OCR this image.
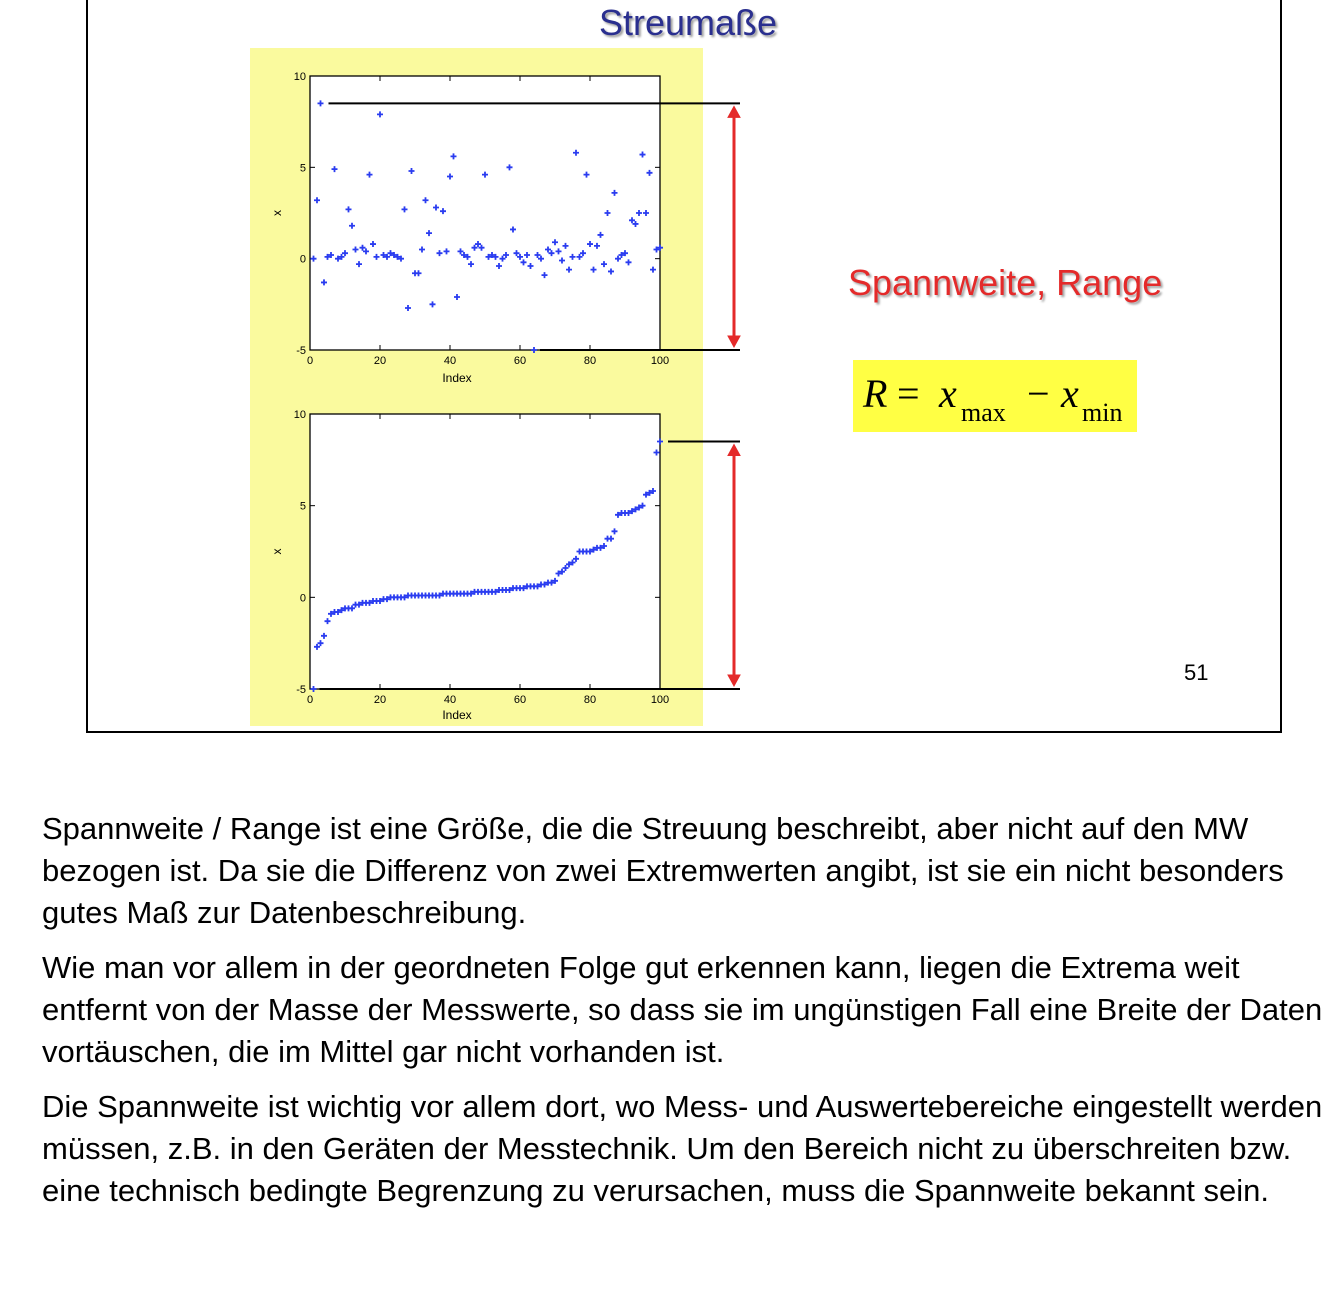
Streumaße
0	20	40	60	80	100
-5
0
5
10
Index
x
0	20	40	60	80	100
-5
0
5
10
Index
x
Spannweite, Range
R = x max − x min
51

Spannweite / Range ist eine Größe, die die Streuung beschreibt, aber nicht auf den MW bezogen ist. Da sie die Differenz von zwei Extremwerten angibt, ist sie ein nicht besonders gutes Maß zur Datenbeschreibung.

Wie man vor allem in der geordneten Folge gut erkennen kann, liegen die Extrema weit entfernt von der Masse der Messwerte, so dass sie im ungünstigen Fall eine Breite der Daten vortäuschen, die im Mittel gar nicht vorhanden ist.

Die Spannweite ist wichtig vor allem dort, wo Mess- und Auswertebereiche eingestellt werden müssen, z.B. in den Geräten der Messtechnik. Um den Bereich nicht zu überschreiten bzw. eine technisch bedingte Begrenzung zu verursachen, muss die Spannweite bekannt sein.
